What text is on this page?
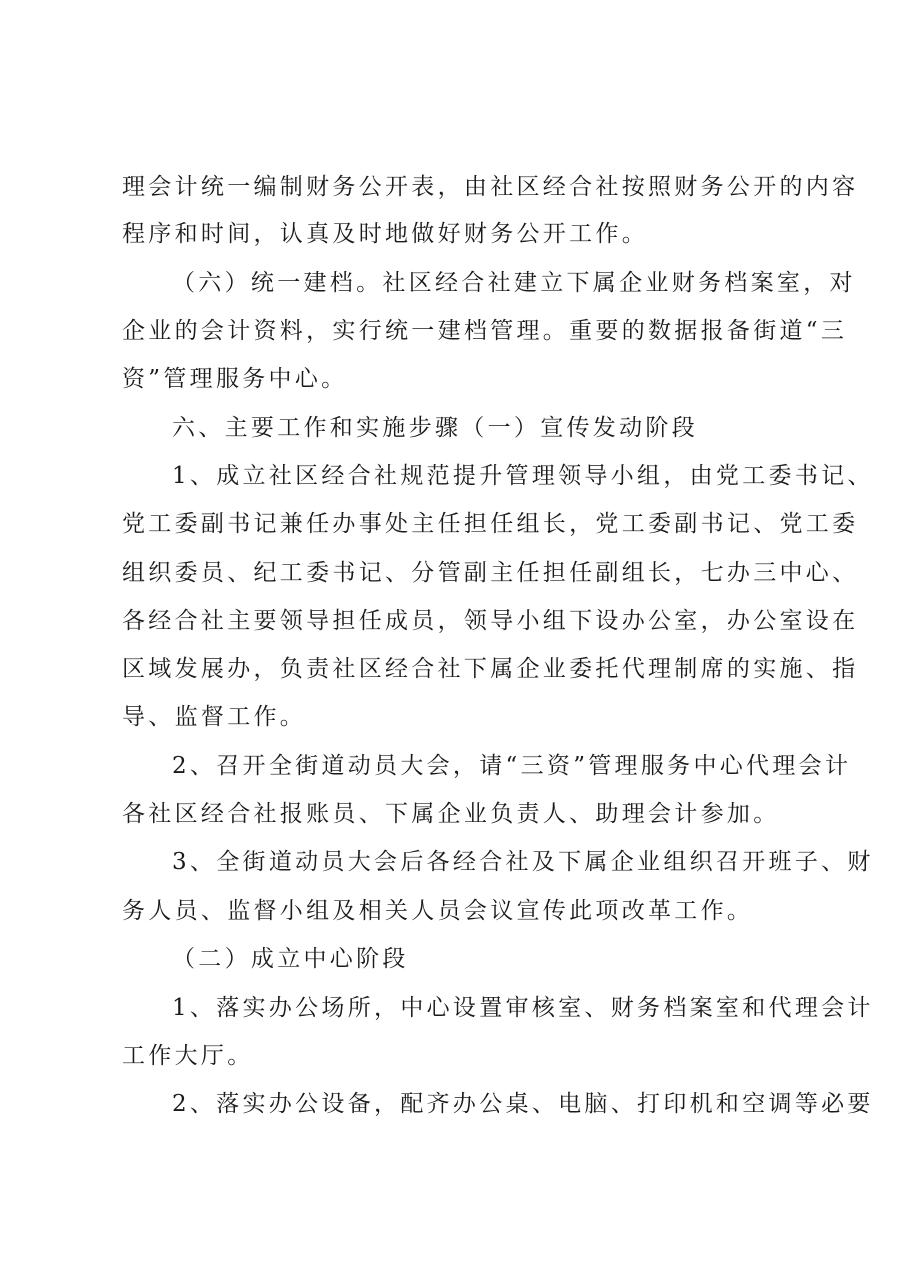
理会计统一编制财务公开表，由社区经合社按照财务公开的内容
程序和时间，认真及时地做好财务公开工作。
（六）统一建档。社区经合社建立下属企业财务档案室，对
企业的会计资料，实行统一建档管理。重要的数据报备街道“三
资”管理服务中心。
六、主要工作和实施步骤（一）宣传发动阶段
1、成立社区经合社规范提升管理领导小组，由党工委书记、
党工委副书记兼任办事处主任担任组长，党工委副书记、党工委
组织委员、纪工委书记、分管副主任担任副组长，七办三中心、
各经合社主要领导担任成员，领导小组下设办公室，办公室设在
区域发展办，负责社区经合社下属企业委托代理制席的实施、指
导、监督工作。
2、召开全街道动员大会，请“三资”管理服务中心代理会计
各社区经合社报账员、下属企业负责人、助理会计参加。
3、全街道动员大会后各经合社及下属企业组织召开班子、财
务人员、监督小组及相关人员会议宣传此项改革工作。
（二）成立中心阶段
1、落实办公场所，中心设置审核室、财务档案室和代理会计
工作大厅。
2、落实办公设备，配齐办公桌、电脑、打印机和空调等必要
